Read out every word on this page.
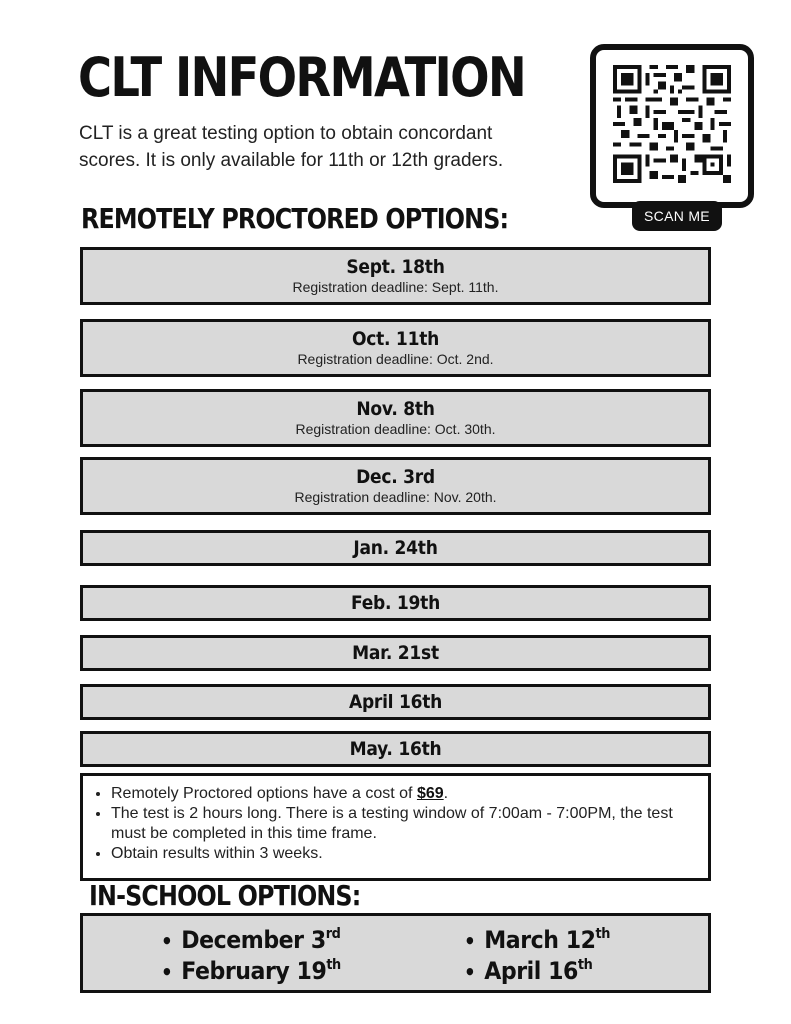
CLT INFORMATION

CLT is a great testing option to obtain concordant scores. It is only available for 11th or 12th graders.

SCAN ME
REMOTELY PROCTORED OPTIONS:
Sept. 18th
Registration deadline: Sept. 11th.
Oct. 11th
Registration deadline: Oct. 2nd.
Nov. 8th
Registration deadline: Oct. 30th.
Dec. 3rd
Registration deadline: Nov. 20th.
Jan. 24th
Feb. 19th
Mar. 21st
April 16th
May. 16th
• Remotely Proctored options have a cost of $69.
• The test is 2 hours long. There is a testing window of 7:00am - 7:00PM, the test must be completed in this time frame.
• Obtain results within 3 weeks.
IN-SCHOOL OPTIONS:
• December 3rd
• February 19th
• March 12th
• April 16th
